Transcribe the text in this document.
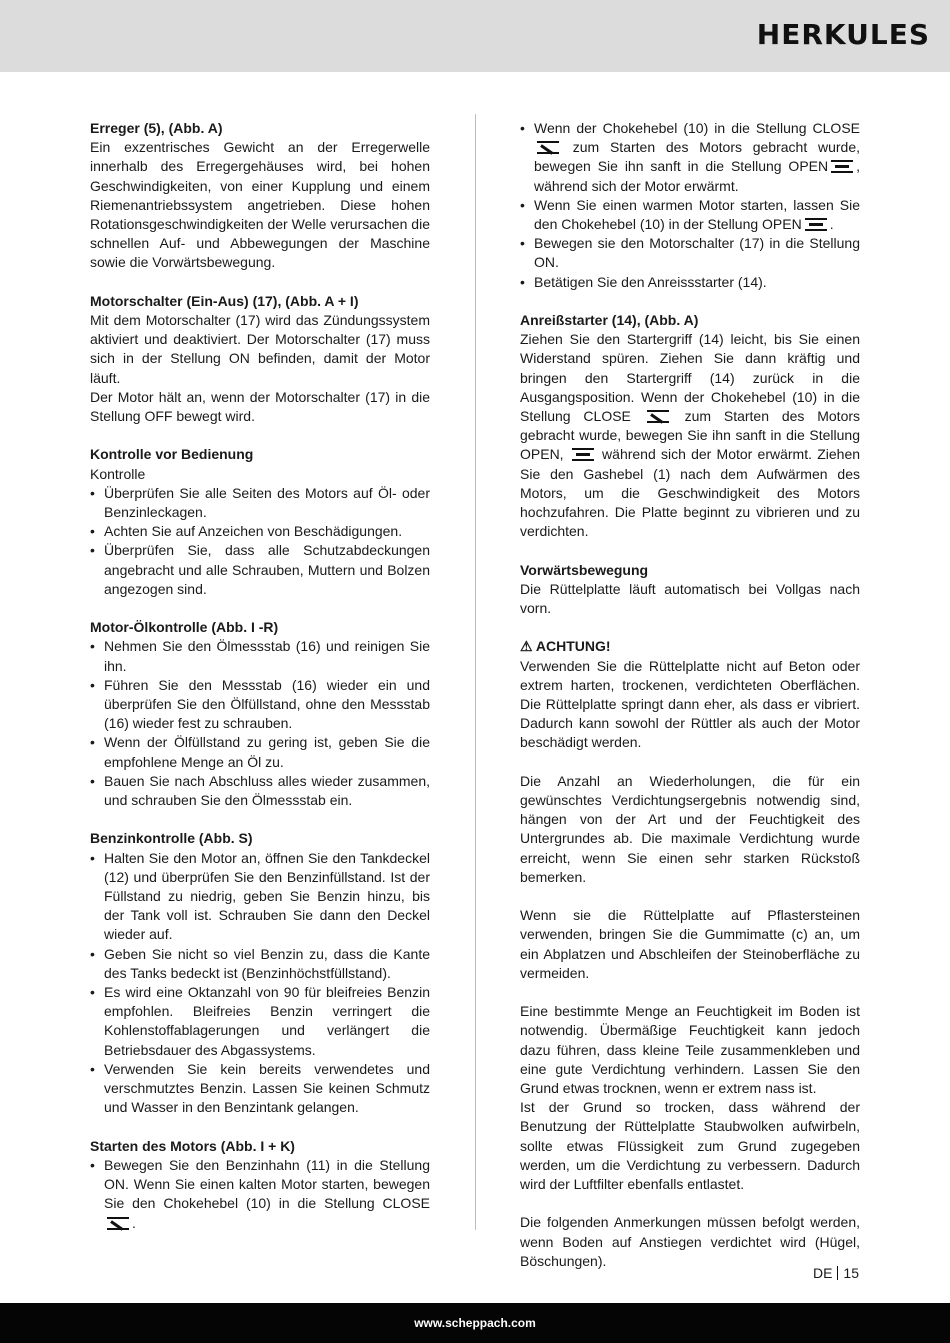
HERKULES

Erreger (5), (Abb. A)

Ein exzentrisches Gewicht an der Erregerwelle innerhalb des Erregergehäuses wird, bei hohen Geschwindigkeiten, von einer Kupplung und einem Riemenantriebssystem angetrieben. Diese hohen Rotationsgeschwindigkeiten der Welle verursachen die schnellen Auf- und Abbewegungen der Maschine sowie die Vorwärtsbewegung.

Motorschalter (Ein-Aus) (17), (Abb. A + I)

Mit dem Motorschalter (17) wird das Zündungssystem aktiviert und deaktiviert. Der Motorschalter (17) muss sich in der Stellung ON befinden, damit der Motor läuft.

Der Motor hält an, wenn der Motorschalter (17) in die Stellung OFF bewegt wird.

Kontrolle vor Bedienung

Kontrolle

• Überprüfen Sie alle Seiten des Motors auf Öl- oder Benzinleckagen.
• Achten Sie auf Anzeichen von Beschädigungen.
• Überprüfen Sie, dass alle Schutzabdeckungen angebracht und alle Schrauben, Muttern und Bolzen angezogen sind.

Motor-Ölkontrolle (Abb. I -R)

• Nehmen Sie den Ölmessstab (16) und reinigen Sie ihn.
• Führen Sie den Messstab (16) wieder ein und überprüfen Sie den Ölfüllstand, ohne den Messstab (16) wieder fest zu schrauben.
• Wenn der Ölfüllstand zu gering ist, geben Sie die empfohlene Menge an Öl zu.
• Bauen Sie nach Abschluss alles wieder zusammen, und schrauben Sie den Ölmessstab ein.

Benzinkontrolle (Abb. S)

• Halten Sie den Motor an, öffnen Sie den Tankdeckel (12) und überprüfen Sie den Benzinfüllstand. Ist der Füllstand zu niedrig, geben Sie Benzin hinzu, bis der Tank voll ist. Schrauben Sie dann den Deckel wieder auf.
• Geben Sie nicht so viel Benzin zu, dass die Kante des Tanks bedeckt ist (Benzinhöchstfüllstand).
• Es wird eine Oktanzahl von 90 für bleifreies Benzin empfohlen. Bleifreies Benzin verringert die Kohlenstoffablagerungen und verlängert die Betriebsdauer des Abgassystems.
• Verwenden Sie kein bereits verwendetes und verschmutztes Benzin. Lassen Sie keinen Schmutz und Wasser in den Benzintank gelangen.

Starten des Motors (Abb. I + K)

• Bewegen Sie den Benzinhahn (11) in die Stellung ON. Wenn Sie einen kalten Motor starten, bewegen Sie den Chokehebel (10) in die Stellung CLOSE.
• Wenn der Chokehebel (10) in die Stellung CLOSE  zum Starten des Motors gebracht wurde, bewegen Sie ihn sanft in die Stellung OPEN , während sich der Motor erwärmt.
• Wenn Sie einen warmen Motor starten, lassen Sie den Chokehebel (10) in der Stellung OPEN .
• Bewegen sie den Motorschalter (17) in die Stellung ON.
• Betätigen Sie den Anreissstarter (14).

Anreißstarter (14), (Abb. A)

Ziehen Sie den Startergriff (14) leicht, bis Sie einen Widerstand spüren. Ziehen Sie dann kräftig und bringen den Startergriff (14) zurück in die Ausgangsposition. Wenn der Chokehebel (10) in die Stellung CLOSE	zum Starten des Motors gebracht wurde, bewegen Sie ihn sanft in die Stellung OPEN,	während sich der Motor erwärmt. Ziehen Sie den Gashebel (1) nach dem Aufwärmen des Motors, um die Geschwindigkeit des Motors hochzufahren. Die Platte beginnt zu vibrieren und zu verdichten.

Vorwärtsbewegung

Die Rüttelplatte läuft automatisch bei Vollgas nach vorn.

⚠ ACHTUNG!

Verwenden Sie die Rüttelplatte nicht auf Beton oder extrem harten, trockenen, verdichteten Oberflächen. Die Rüttelplatte springt dann eher, als dass er vibriert. Dadurch kann sowohl der Rüttler als auch der Motor beschädigt werden.

Die Anzahl an Wiederholungen, die für ein gewünschtes Verdichtungsergebnis notwendig sind, hängen von der Art und der Feuchtigkeit des Untergrundes ab. Die maximale Verdichtung wurde erreicht, wenn Sie einen sehr starken Rückstoß bemerken.

Wenn sie die Rüttelplatte auf Pflastersteinen verwenden, bringen Sie die Gummimatte (c) an, um ein Abplatzen und Abschleifen der Steinoberfläche zu vermeiden.

Eine bestimmte Menge an Feuchtigkeit im Boden ist notwendig. Übermäßige Feuchtigkeit kann jedoch dazu führen, dass kleine Teile zusammenkleben und eine gute Verdichtung verhindern. Lassen Sie den Grund etwas trocknen, wenn er extrem nass ist.

Ist der Grund so trocken, dass während der Benutzung der Rüttelplatte Staubwolken aufwirbeln, sollte etwas Flüssigkeit zum Grund zugegeben werden, um die Verdichtung zu verbessern. Dadurch wird der Luftfilter ebenfalls entlastet.

Die folgenden Anmerkungen müssen befolgt werden, wenn Boden auf Anstiegen verdichtet wird (Hügel, Böschungen).

DE 15
www.scheppach.com
